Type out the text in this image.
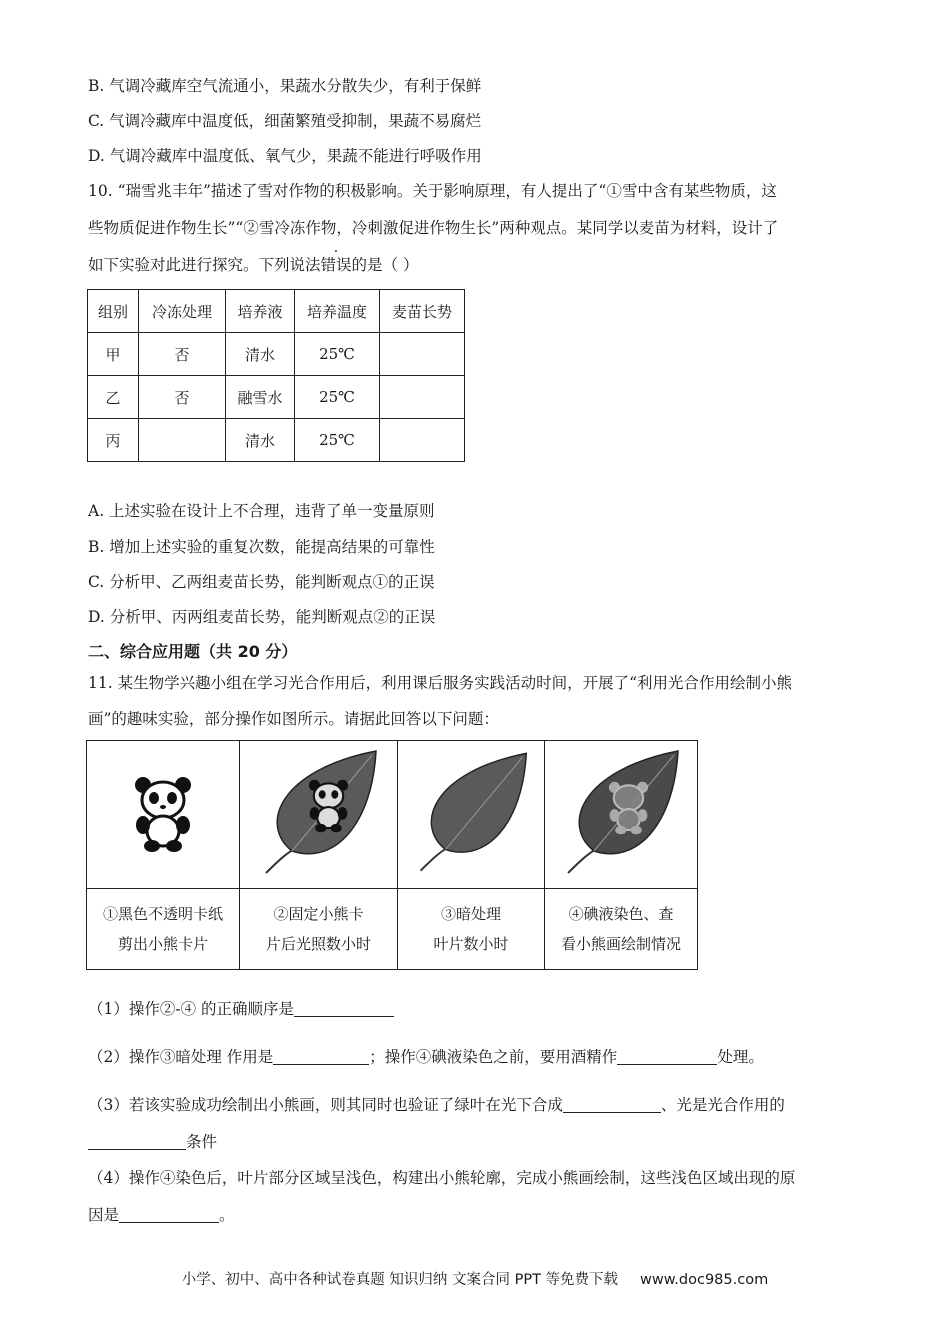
B. 气调冷藏库空气流通小，果蔬水分散失少，有利于保鲜
C. 气调冷藏库中温度低，细菌繁殖受抑制，果蔬不易腐烂
D. 气调冷藏库中温度低、氧气少，果蔬不能进行呼吸作用
10. “瑞雪兆丰年”描述了雪对作物的积极影响。关于影响原理，有人提出了“①雪中含有某些物质，这
些物质促进作物生长”“②雪冷冻作物，冷刺激促进作物生长”两种观点。某同学以麦苗为材料，设计了
如下实验对此进行探究。下列说法错误的是（ ）
组别	冷冻处理	培养液	培养温度	麦苗长势
甲	否	清水	25℃	
乙	否	融雪水	25℃	
丙		清水	25℃	
A. 上述实验在设计上不合理，违背了单一变量原则
B. 增加上述实验的重复次数，能提高结果的可靠性
C. 分析甲、乙两组麦苗长势，能判断观点①的正误
D. 分析甲、丙两组麦苗长势，能判断观点②的正误
二、综合应用题（共 20 分）
11. 某生物学兴趣小组在学习光合作用后，利用课后服务实践活动时间，开展了“利用光合作用绘制小熊
画”的趣味实验，部分操作如图所示。请据此回答以下问题：

①黑色不透明卡纸
剪出小熊卡片	②固定小熊卡
片后光照数小时	③暗处理
叶片数小时	④碘液染色、查
看小熊画绘制情况
（1）操作②-④ 的正确顺序是
（2）操作③暗处理 作用是	；操作④碘液染色之前，要用酒精作	处理。
（3）若该实验成功绘制出小熊画，则其同时也验证了绿叶在光下合成	、光是光合作用的
条件
（4）操作④染色后，叶片部分区域呈浅色，构建出小熊轮廓，完成小熊画绘制，这些浅色区域出现的原
因是	。
小学、初中、高中各种试卷真题 知识归纳 文案合同 PPT 等免费下载 www.doc985.com
